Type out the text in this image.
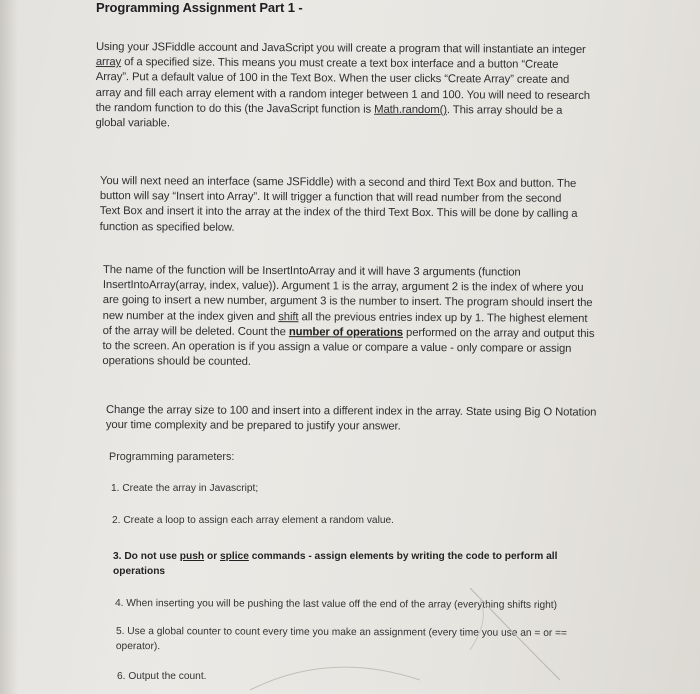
Programming Assignment Part 1 -
Using your JSFiddle account and JavaScript you will create a program that will instantiate an integer
array of a specified size. This means you must create a text box interface and a button “Create
Array”. Put a default value of 100 in the Text Box. When the user clicks “Create Array” create and
array and fill each array element with a random integer between 1 and 100. You will need to research
the random function to do this (the JavaScript function is Math.random(). This array should be a
global variable.
You will next need an interface (same JSFiddle) with a second and third Text Box and button. The
button will say “Insert into Array”. It will trigger a function that will read number from the second
Text Box and insert it into the array at the index of the third Text Box. This will be done by calling a
function as specified below.
The name of the function will be InsertIntoArray and it will have 3 arguments (function
InsertIntoArray(array, index, value)). Argument 1 is the array, argument 2 is the index of where you
are going to insert a new number, argument 3 is the number to insert. The program should insert the
new number at the index given and shift all the previous entries index up by 1. The highest element
of the array will be deleted. Count the number of operations performed on the array and output this
to the screen. An operation is if you assign a value or compare a value - only compare or assign
operations should be counted.
Change the array size to 100 and insert into a different index in the array. State using Big O Notation
your time complexity and be prepared to justify your answer.
Programming parameters:
1. Create the array in Javascript;
2. Create a loop to assign each array element a random value.
3. Do not use push or splice commands - assign elements by writing the code to perform all
operations
4. When inserting you will be pushing the last value off the end of the array (everything shifts right)
5. Use a global counter to count every time you make an assignment (every time you use an = or ==
operator).
6. Output the count.
